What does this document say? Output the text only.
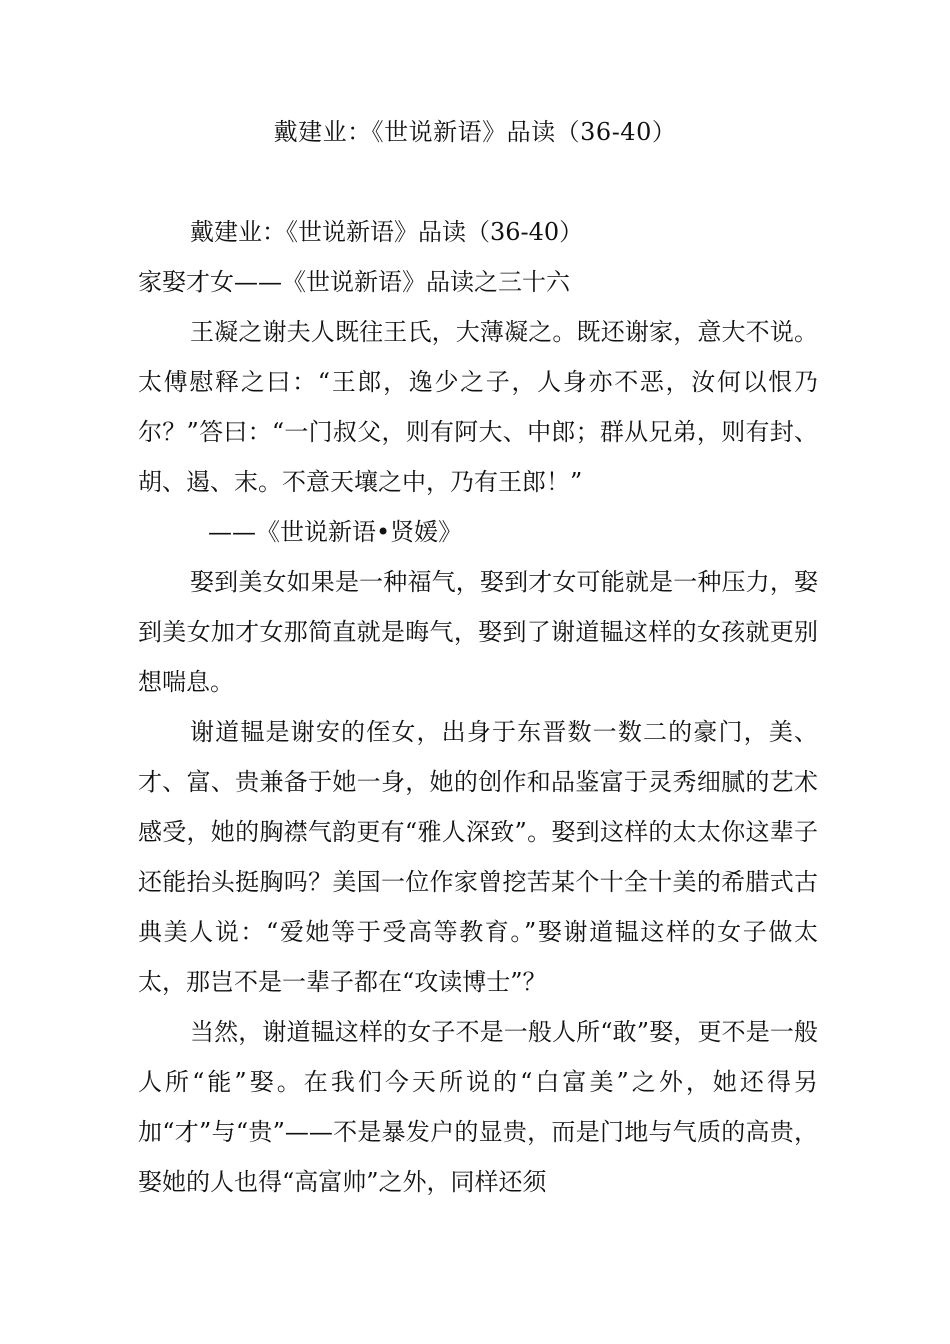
戴建业：《世说新语》品读（36-40）

戴建业：《世说新语》品读（36-40）

家娶才女——《世说新语》品读之三十六

王凝之谢夫人既往王氏，大薄凝之。既还谢家，意大不说。太傅慰释之曰：“王郎，逸少之子，人身亦不恶，汝何以恨乃尔？”答曰：“一门叔父，则有阿大、中郎；群从兄弟，则有封、胡、遏、末。不意天壤之中，乃有王郎！”

——《世说新语•贤媛》

娶到美女如果是一种福气，娶到才女可能就是一种压力，娶到美女加才女那简直就是晦气，娶到了谢道韫这样的女孩就更别想喘息。

谢道韫是谢安的侄女，出身于东晋数一数二的豪门，美、才、富、贵兼备于她一身，她的创作和品鉴富于灵秀细腻的艺术感受，她的胸襟气韵更有“雅人深致”。娶到这样的太太你这辈子还能抬头挺胸吗？美国一位作家曾挖苦某个十全十美的希腊式古典美人说：“爱她等于受高等教育。”娶谢道韫这样的女子做太太，那岂不是一辈子都在“攻读博士”？

当然，谢道韫这样的女子不是一般人所“敢”娶，更不是一般人所“能”娶。在我们今天所说的“白富美”之外，她还得另加“才”与“贵”——不是暴发户的显贵，而是门地与气质的高贵，娶她的人也得“高富帅”之外，同样还须
